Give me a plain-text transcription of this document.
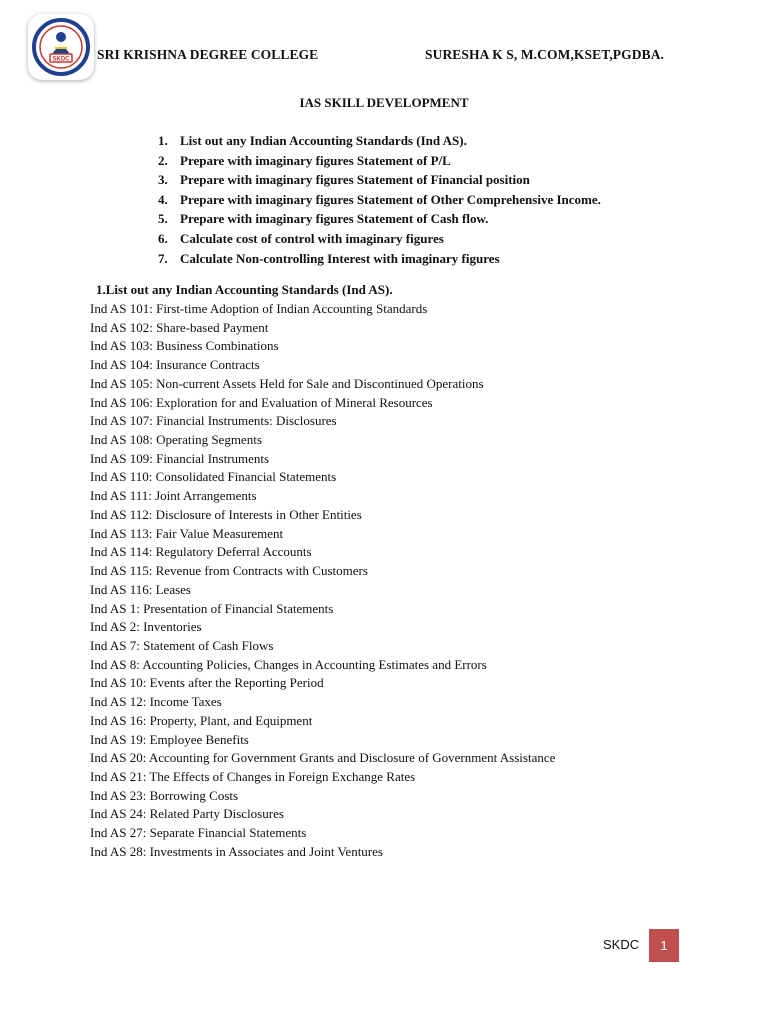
SKDC SRI KRISHNA DEGREE COLLEGE	SURESHA K S, M.COM,KSET,PGDBA.
IAS SKILL DEVELOPMENT
1. List out any Indian Accounting Standards (Ind AS).
2. Prepare with imaginary figures Statement of P/L
3. Prepare with imaginary figures Statement of Financial position
4. Prepare with imaginary figures Statement of Other Comprehensive Income.
5. Prepare with imaginary figures Statement of Cash flow.
6. Calculate cost of control with imaginary figures
7. Calculate Non-controlling Interest with imaginary figures
1.List out any Indian Accounting Standards (Ind AS).
Ind AS 101: First-time Adoption of Indian Accounting Standards
Ind AS 102: Share-based Payment
Ind AS 103: Business Combinations
Ind AS 104: Insurance Contracts
Ind AS 105: Non-current Assets Held for Sale and Discontinued Operations
Ind AS 106: Exploration for and Evaluation of Mineral Resources
Ind AS 107: Financial Instruments: Disclosures
Ind AS 108: Operating Segments
Ind AS 109: Financial Instruments
Ind AS 110: Consolidated Financial Statements
Ind AS 111: Joint Arrangements
Ind AS 112: Disclosure of Interests in Other Entities
Ind AS 113: Fair Value Measurement
Ind AS 114: Regulatory Deferral Accounts
Ind AS 115: Revenue from Contracts with Customers
Ind AS 116: Leases
Ind AS 1: Presentation of Financial Statements
Ind AS 2: Inventories
Ind AS 7: Statement of Cash Flows
Ind AS 8: Accounting Policies, Changes in Accounting Estimates and Errors
Ind AS 10: Events after the Reporting Period
Ind AS 12: Income Taxes
Ind AS 16: Property, Plant, and Equipment
Ind AS 19: Employee Benefits
Ind AS 20: Accounting for Government Grants and Disclosure of Government Assistance
Ind AS 21: The Effects of Changes in Foreign Exchange Rates
Ind AS 23: Borrowing Costs
Ind AS 24: Related Party Disclosures
Ind AS 27: Separate Financial Statements
Ind AS 28: Investments in Associates and Joint Ventures
SKDC	1
